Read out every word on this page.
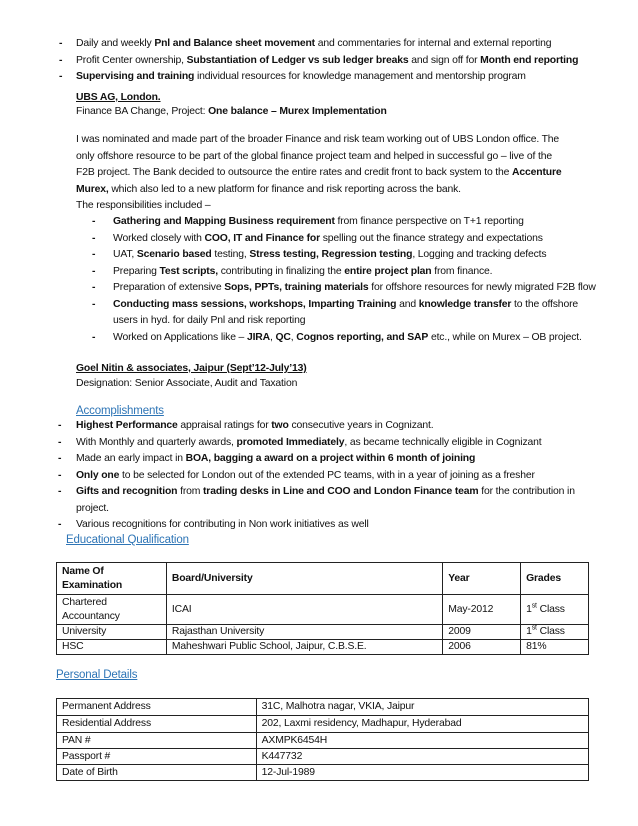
- Daily and weekly Pnl and Balance sheet movement and commentaries for internal and external reporting
- Profit Center ownership, Substantiation of Ledger vs sub ledger breaks and sign off for Month end reporting
- Supervising and training individual resources for knowledge management and mentorship program
UBS AG, London.
Finance BA Change, Project: One balance – Murex Implementation
I was nominated and made part of the broader Finance and risk team working out of UBS London office. The only offshore resource to be part of the global finance project team and helped in successful go – live of the F2B project. The Bank decided to outsource the entire rates and credit front to back system to the Accenture Murex, which also led to a new platform for finance and risk reporting across the bank.
The responsibilities included –
- Gathering and Mapping Business requirement from finance perspective on T+1 reporting
- Worked closely with COO, IT and Finance for spelling out the finance strategy and expectations
- UAT, Scenario based testing, Stress testing, Regression testing, Logging and tracking defects
- Preparing Test scripts, contributing in finalizing the entire project plan from finance.
- Preparation of extensive Sops, PPTs, training materials for offshore resources for newly migrated F2B flow
- Conducting mass sessions, workshops, Imparting Training and knowledge transfer to the offshore users in hyd. for daily Pnl and risk reporting
- Worked on Applications like – JIRA, QC, Cognos reporting, and SAP etc., while on Murex – OB project.
Goel Nitin & associates, Jaipur (Sept’12-July’13)
Designation: Senior Associate, Audit and Taxation
Accomplishments
- Highest Performance appraisal ratings for two consecutive years in Cognizant.
- With Monthly and quarterly awards, promoted Immediately, as became technically eligible in Cognizant
- Made an early impact in BOA, bagging a award on a project within 6 month of joining
- Only one to be selected for London out of the extended PC teams, with in a year of joining as a fresher
- Gifts and recognition from trading desks in Line and COO and London Finance team for the contribution in project.
- Various recognitions for contributing in Non work initiatives as well
Educational Qualification
Name Of Examination	Board/University	Year	Grades
Chartered Accountancy	ICAI	May-2012	1st Class
University	Rajasthan University	2009	1st Class
HSC	Maheshwari Public School, Jaipur, C.B.S.E.	2006	81%
Personal Details
Permanent Address	31C, Malhotra nagar, VKIA, Jaipur
Residential Address	202, Laxmi residency, Madhapur, Hyderabad
PAN #	AXMPK6454H
Passport #	K447732
Date of Birth	12-Jul-1989
